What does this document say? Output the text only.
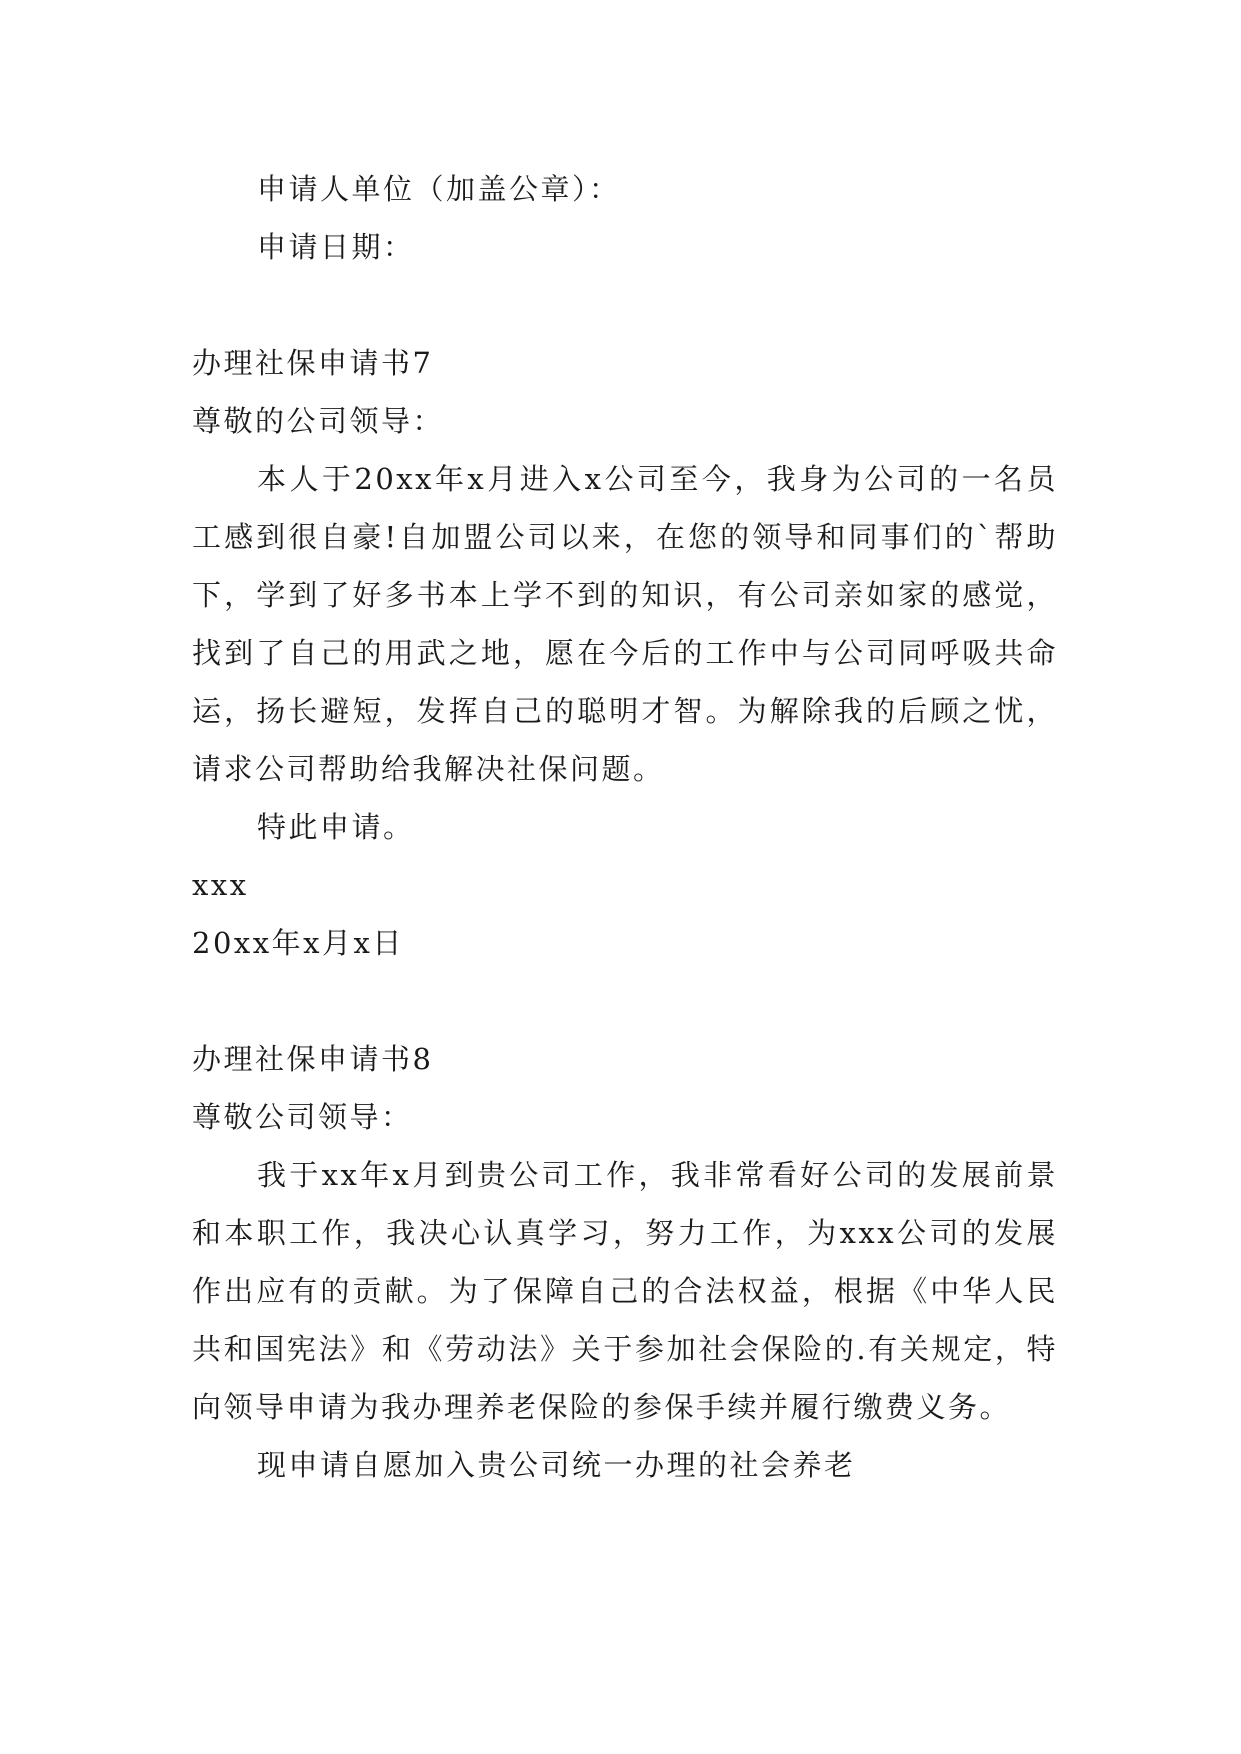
申请人单位（加盖公章）：
申请日期：
办理社保申请书7
尊敬的公司领导：
本人于20xx年x月进入x公司至今，我身为公司的一名员工感到很自豪!自加盟公司以来，在您的领导和同事们的`帮助下，学到了好多书本上学不到的知识，有公司亲如家的感觉，找到了自己的用武之地，愿在今后的工作中与公司同呼吸共命运，扬长避短，发挥自己的聪明才智。为解除我的后顾之忧，请求公司帮助给我解决社保问题。
特此申请。
xxx
20xx年x月x日
办理社保申请书8
尊敬公司领导：
我于xx年x月到贵公司工作，我非常看好公司的发展前景和本职工作，我决心认真学习，努力工作，为xxx公司的发展作出应有的贡献。为了保障自己的合法权益，根据《中华人民共和国宪法》和《劳动法》关于参加社会保险的.有关规定，特向领导申请为我办理养老保险的参保手续并履行缴费义务。
现申请自愿加入贵公司统一办理的社会养老
